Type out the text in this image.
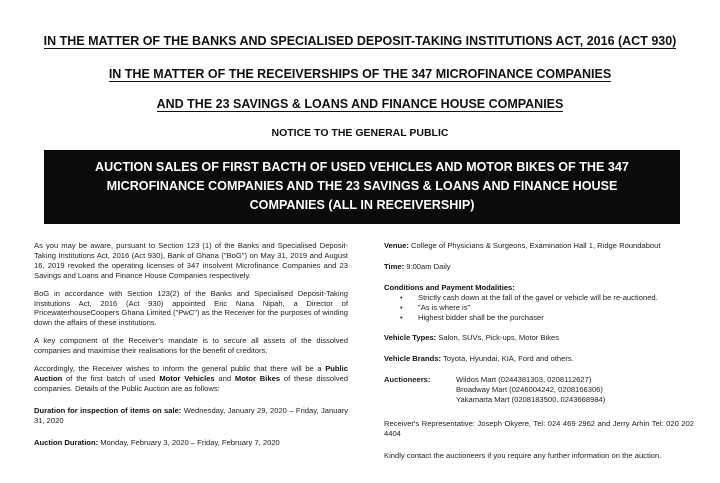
IN THE MATTER OF THE BANKS AND SPECIALISED DEPOSIT-TAKING INSTITUTIONS ACT, 2016 (ACT 930)
IN THE MATTER OF THE RECEIVERSHIPS OF THE 347 MICROFINANCE COMPANIES
AND THE 23 SAVINGS & LOANS AND FINANCE HOUSE COMPANIES
NOTICE TO THE GENERAL PUBLIC
AUCTION SALES OF FIRST BACTH OF USED VEHICLES AND MOTOR BIKES OF THE 347
MICROFINANCE COMPANIES AND THE 23 SAVINGS & LOANS AND FINANCE HOUSE
COMPANIES (ALL IN RECEIVERSHIP)

As you may be aware, pursuant to Section 123 (1) of the Banks and Specialised Deposit-Taking Institutions Act, 2016 (Act 930), Bank of Ghana ("BoG") on May 31, 2019 and August 16, 2019 revoked the operating licenses of 347 insolvent Microfinance Companies and 23 Savings and Loans and Finance House Companies respectively.

BoG in accordance with Section 123(2) of the Banks and Specialised Deposit-Taking Institutions Act, 2016 (Act 930) appointed Eric Nana Nipah, a Director of PricewaterhouseCoopers Ghana Limited ("PwC") as the Receiver for the purposes of winding down the affairs of these institutions.

A key component of the Receiver's mandate is to secure all assets of the dissolved companies and maximise their realisations for the benefit of creditors.

Accordingly, the Receiver wishes to inform the general public that there will be a Public Auction of the first batch of used Motor Vehicles and Motor Bikes of these dissolved companies. Details of the Public Auction are as follows:

Duration for inspection of items on sale: Wednesday, January 29, 2020 – Friday, January 31, 2020

Auction Duration: Monday, February 3, 2020 – Friday, February 7, 2020

Venue: College of Physicians & Surgeons, Examination Hall 1, Ridge Roundabout

Time: 9:00am Daily

Conditions and Payment Modalities:

•	Strictly cash down at the fall of the gavel or vehicle will be re-auctioned.
•	"As is where is"
•	Highest bidder shall be the purchaser

Vehicle Types: Salon, SUVs, Pick-ups, Motor Bikes

Vehicle Brands: Toyota, Hyundai, KIA, Ford and others.

Auctioneers:	Wildos Mart (0244381303, 0208112627)
Broadway Mart (0246004242, 0208166306)
Yakamarta Mart (0208183500, 0243668984)

Receiver's Representative: Joseph Okyere, Tel: 024 469 2962 and Jerry Arhin Tel: 020 202 4404

Kindly contact the auctioneers if you require any further information on the auction.
